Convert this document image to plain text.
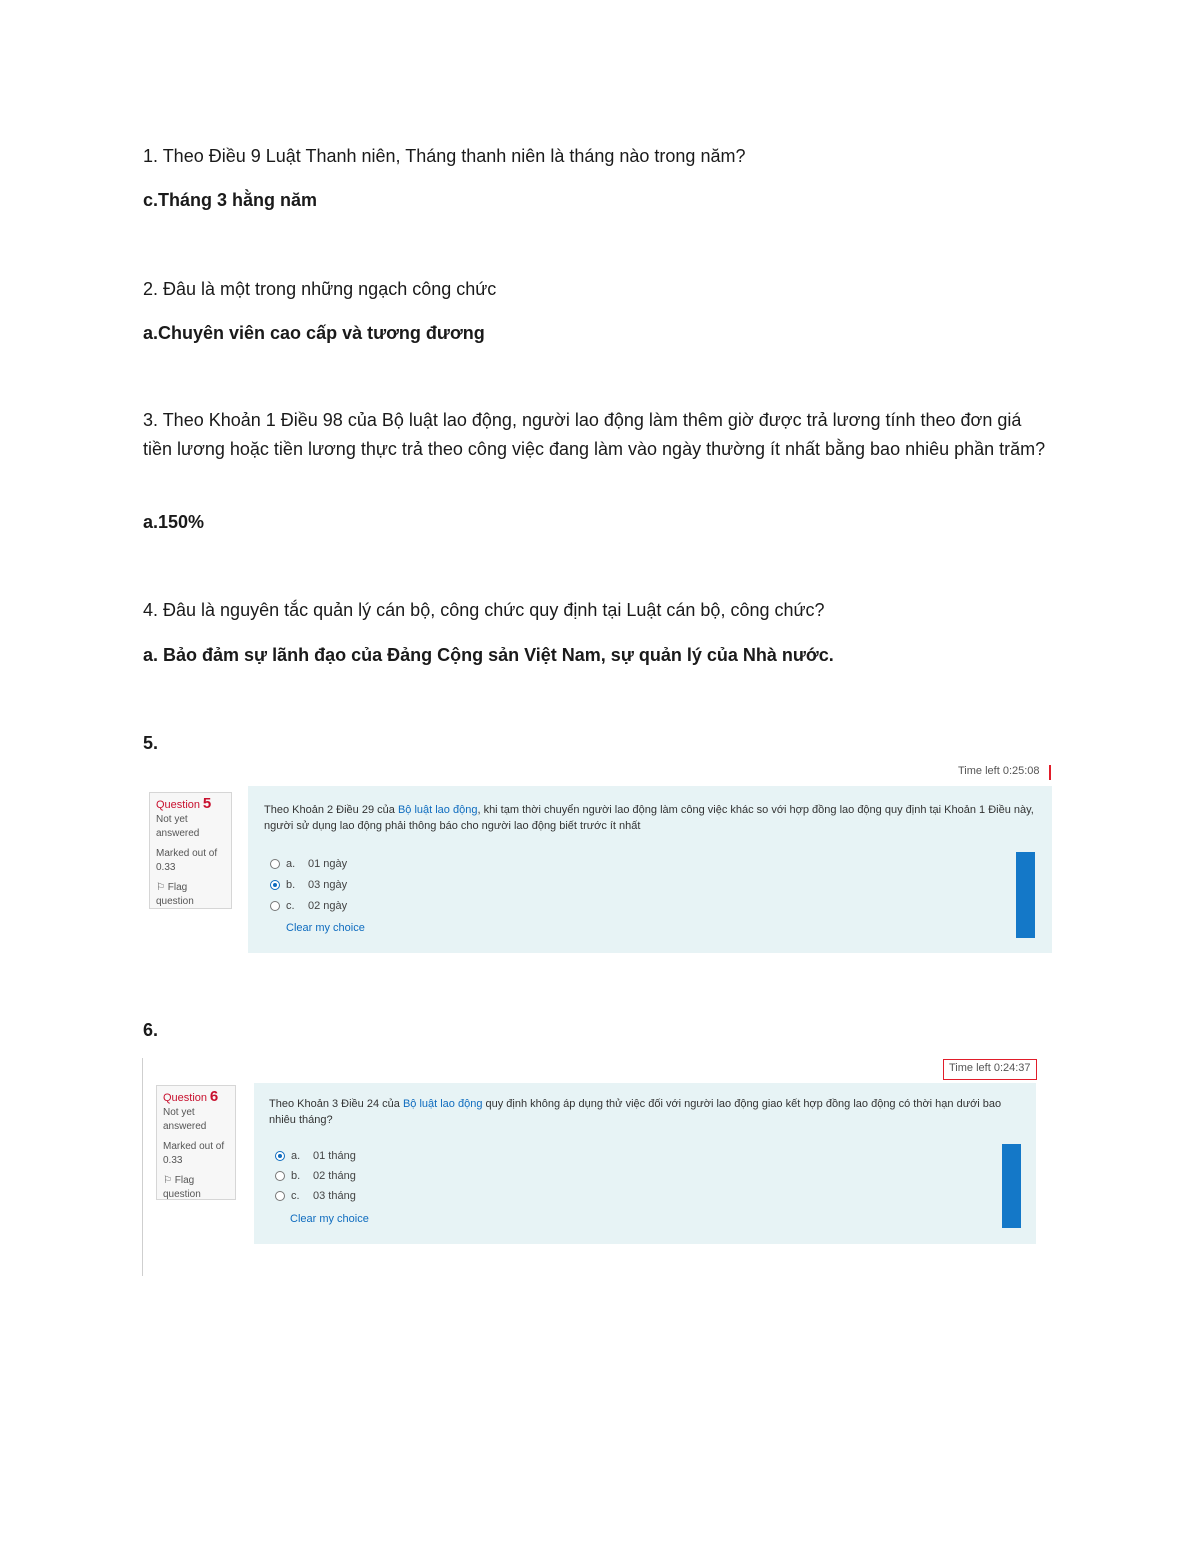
1. Theo Điều 9 Luật Thanh niên, Tháng thanh niên là tháng nào trong năm?
c.Tháng 3 hằng năm
2. Đâu là một trong những ngạch công chức
a.Chuyên viên cao cấp và tương đương
3. Theo Khoản 1 Điều 98 của Bộ luật lao động, người lao động làm thêm giờ được trả lương tính theo đơn giá tiền lương hoặc tiền lương thực trả theo công việc đang làm vào ngày thường ít nhất bằng bao nhiêu phần trăm?
a.150%
4. Đâu là nguyên tắc quản lý cán bộ, công chức quy định tại Luật cán bộ, công chức?
a. Bảo đảm sự lãnh đạo của Đảng Cộng sản Việt Nam, sự quản lý của Nhà nước.
5.
Time left 0:25:08
Question 5
Not yet
answered
Marked out of
0.33
⚐ Flag question
Theo Khoản 2 Điều 29 của Bộ luật lao động, khi tạm thời chuyển người lao động làm công việc khác so với hợp đồng lao động quy định tại Khoản 1 Điều này, người sử dụng lao động phải thông báo cho người lao động biết trước ít nhất
a.	01 ngày
b.	03 ngày
c.	02 ngày
Clear my choice
6.
Time left 0:24:37
Question 6
Not yet
answered
Marked out of
0.33
⚐ Flag question
Theo Khoản 3 Điều 24 của Bộ luật lao động quy định không áp dụng thử việc đối với người lao động giao kết hợp đồng lao động có thời hạn dưới bao nhiêu tháng?
a.	01 tháng
b.	02 tháng
c.	03 tháng
Clear my choice
